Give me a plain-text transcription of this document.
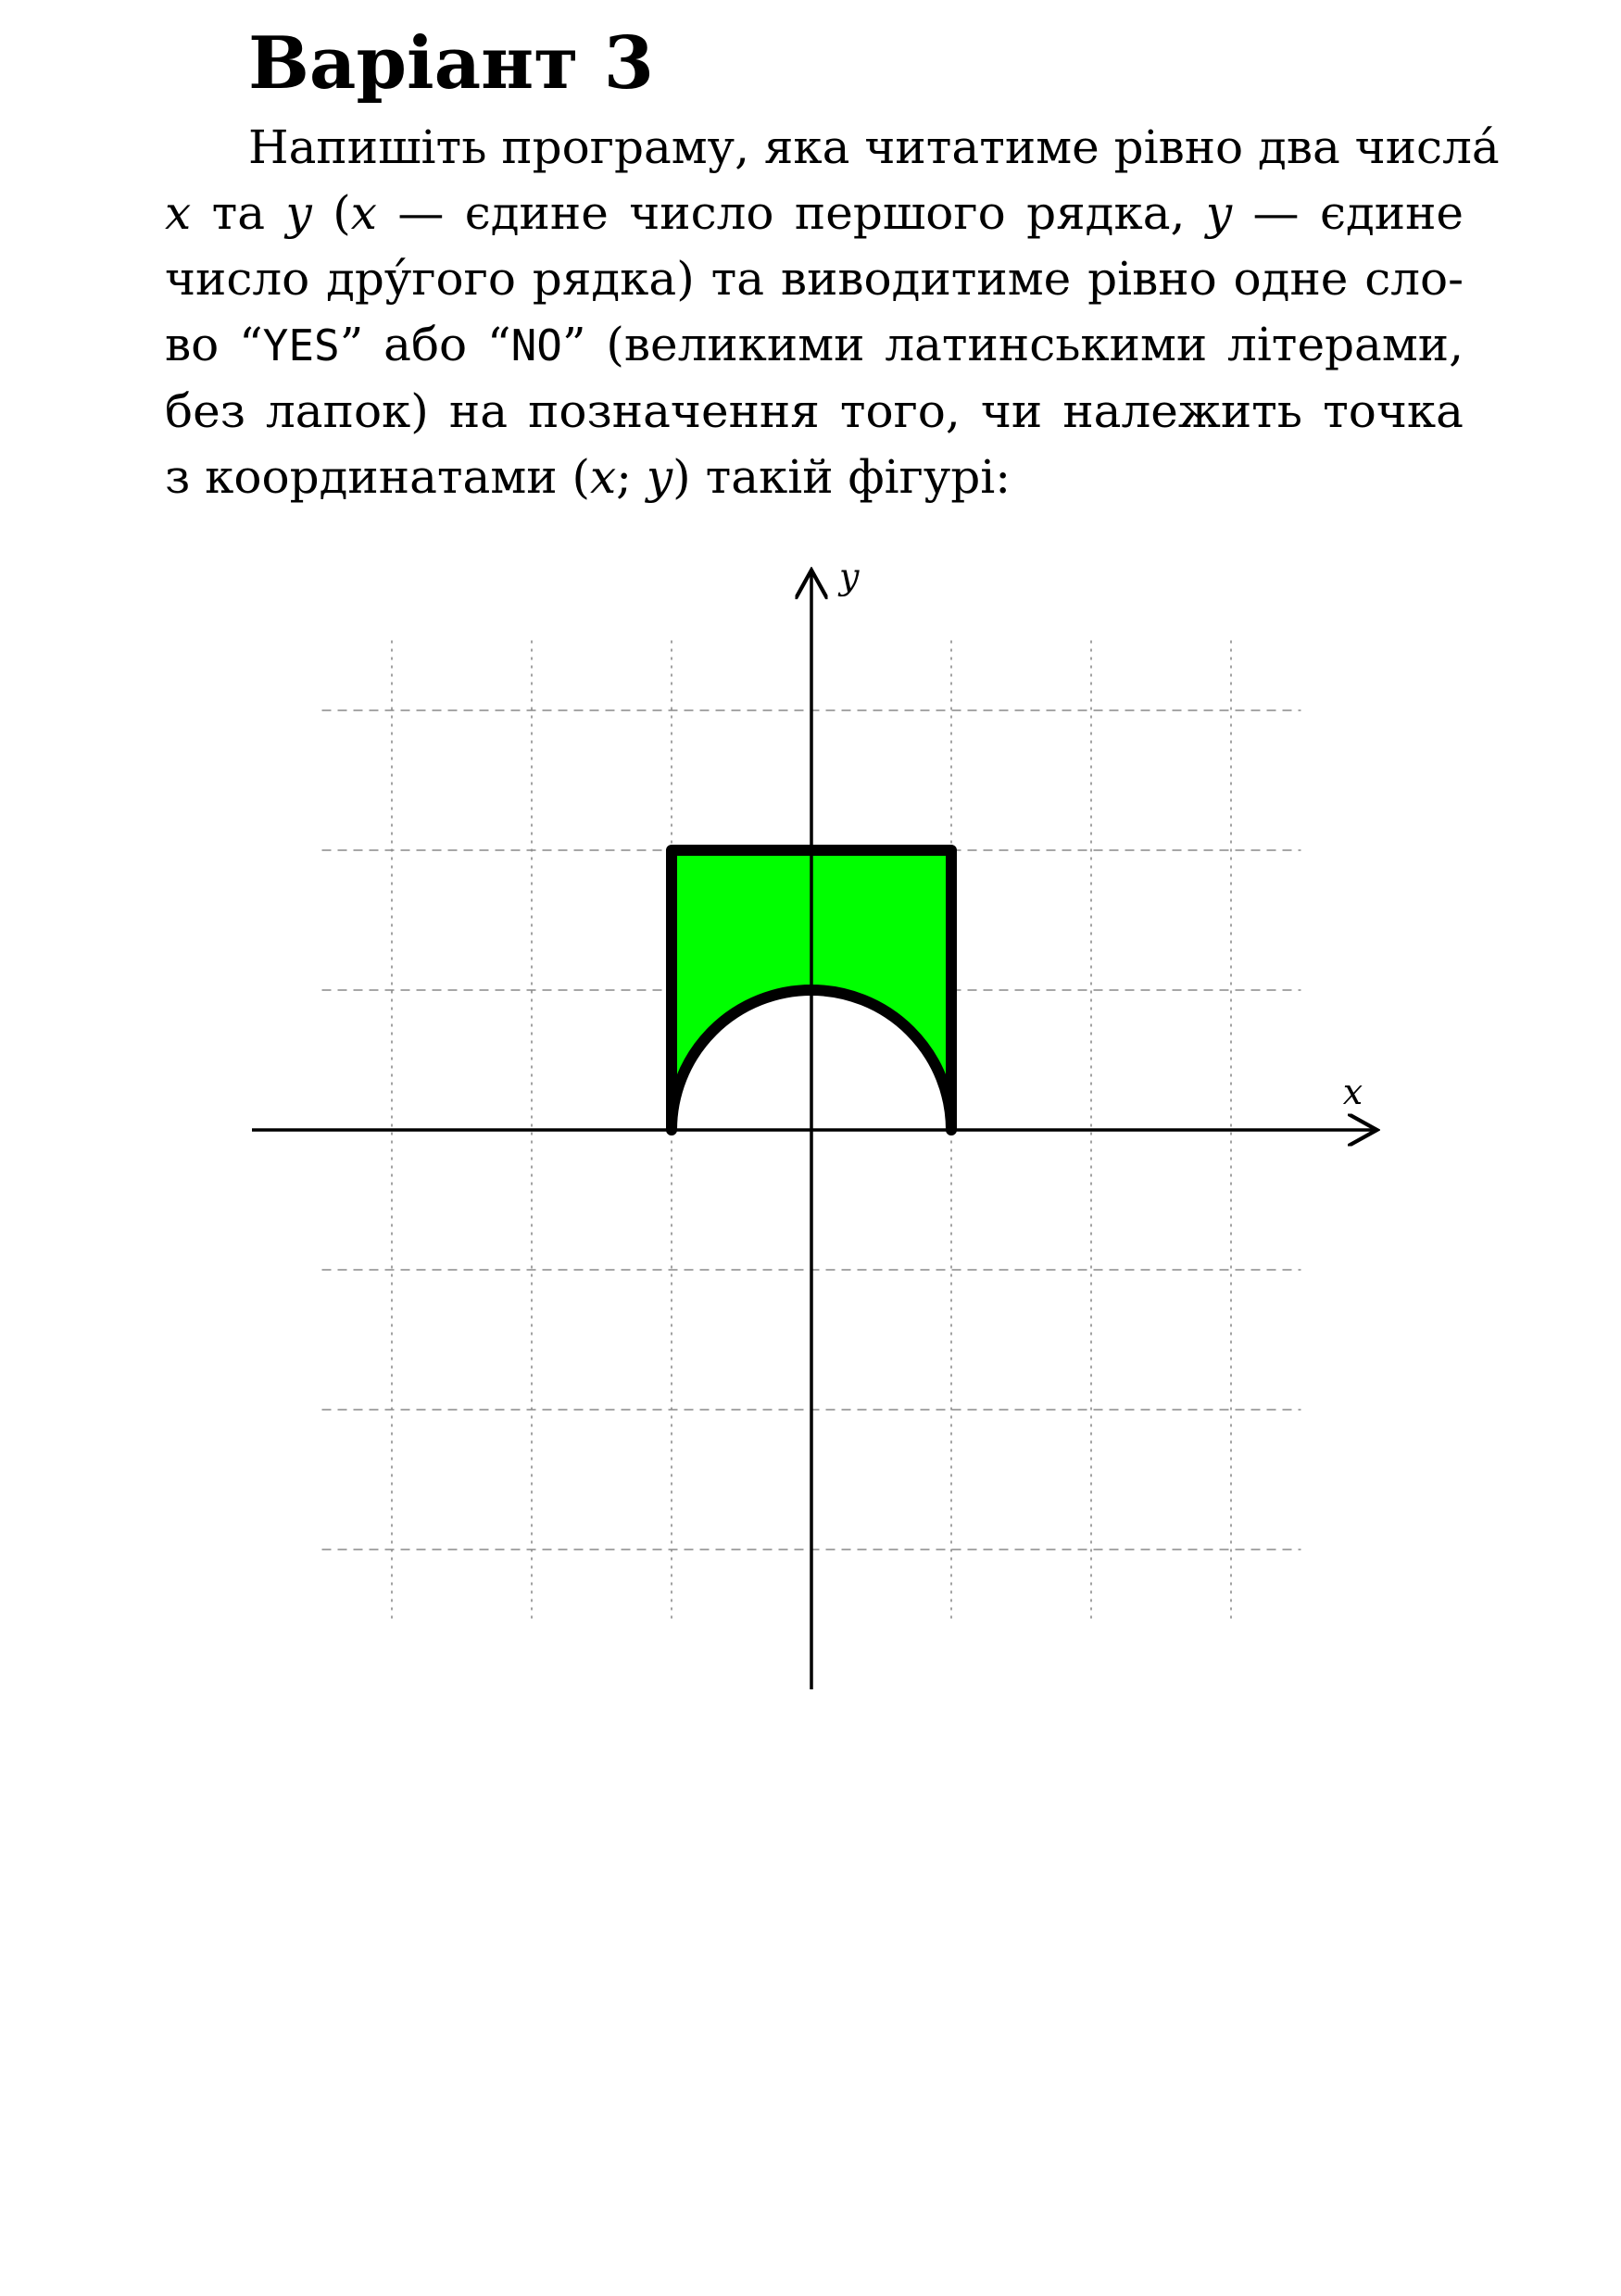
Варіант 3
Напишіть програму, яка читатиме рівно два числа́
x та y (x — єдине число першого рядка, y — єдине
число дру́гого рядка) та виводитиме рівно одне сло-
во “YES” або “NO” (великими латинськими літерами,
без лапок) на позначення того, чи належить точка
з координатами (x; y) такій фігурі:
x
y
